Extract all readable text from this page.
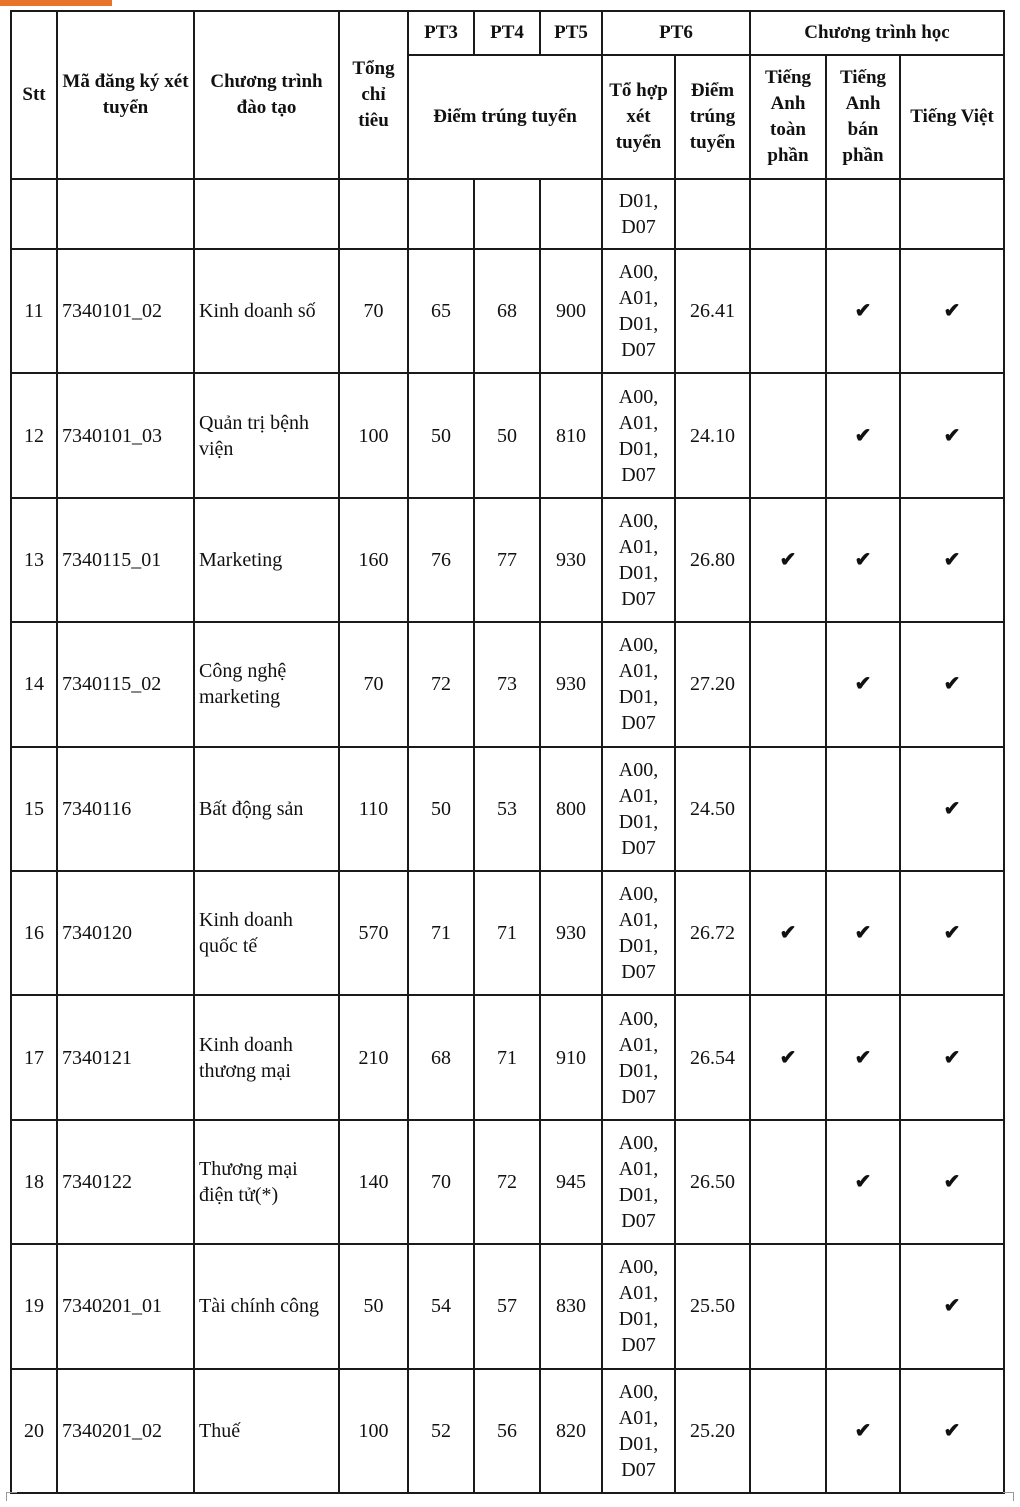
Stt	Mã đăng ký xét tuyển	Chương trình đào tạo	Tổng chỉ tiêu	PT3	PT4	PT5	PT6		Chương trình học		
				Điểm trúng tuyển			Tổ hợp xét tuyển	Điểm trúng tuyển	Tiếng Anh toàn phần	Tiếng Anh bán phần	Tiếng Việt
							D01, D07				
11	7340101_02	Kinh doanh số	70	65	68	900	A00, A01, D01, D07	26.41		✔	✔
12	7340101_03	Quản trị bệnh viện	100	50	50	810	A00, A01, D01, D07	24.10		✔	✔
13	7340115_01	Marketing	160	76	77	930	A00, A01, D01, D07	26.80	✔	✔	✔
14	7340115_02	Công nghệ marketing	70	72	73	930	A00, A01, D01, D07	27.20		✔	✔
15	7340116	Bất động sản	110	50	53	800	A00, A01, D01, D07	24.50			✔
16	7340120	Kinh doanh quốc tế	570	71	71	930	A00, A01, D01, D07	26.72	✔	✔	✔
17	7340121	Kinh doanh thương mại	210	68	71	910	A00, A01, D01, D07	26.54	✔	✔	✔
18	7340122	Thương mại điện tử(*)	140	70	72	945	A00, A01, D01, D07	26.50		✔	✔
19	7340201_01	Tài chính công	50	54	57	830	A00, A01, D01, D07	25.50			✔
20	7340201_02	Thuế	100	52	56	820	A00, A01, D01, D07	25.20		✔	✔
